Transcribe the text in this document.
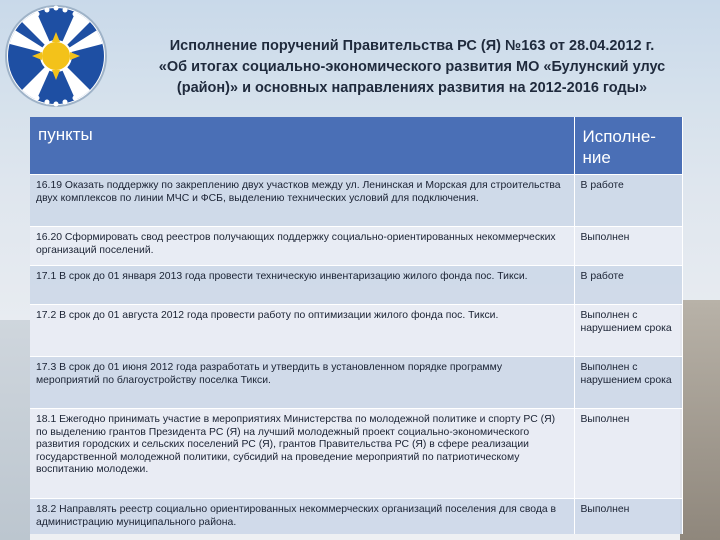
Исполнение поручений Правительства РС (Я) №163 от 28.04.2012 г.
«Об итогах социально-экономического развития МО «Булунский улус
(район)» и основных направлениях развития на 2012-2016 годы»
пункты	Исполне-
ние

16.19 Оказать поддержку по закреплению двух участков между ул. Ленинская и Морская для строительства двух комплексов по линии МЧС и ФСБ, выделению технических условий для подключения.	В работе
16.20 Сформировать свод реестров получающих поддержку социально-ориентированных некоммерческих организаций поселений.	Выполнен
17.1 В срок до 01 января 2013 года провести техническую инвентаризацию жилого фонда пос. Тикси.	В работе
17.2 В срок до 01 августа 2012 года провести работу по оптимизации жилого фонда пос. Тикси.	Выполнен с нарушением срока
17.3 В срок до 01 июня 2012 года разработать и утвердить в установленном порядке программу мероприятий по благоустройству поселка Тикси.	Выполнен с нарушением срока
18.1 Ежегодно принимать участие в мероприятиях Министерства по молодежной политике и спорту РС (Я) по выделению грантов Президента РС (Я) на лучший молодежный проект социально-экономического развития городских и сельских поселений РС (Я), грантов Правительства РС (Я) в сфере реализации государственной молодежной политики, субсидий на проведение мероприятий по патриотическому воспитанию молодежи.	Выполнен
18.2 Направлять реестр социально ориентированных некоммерческих организаций поселения для свода в администрацию муниципального района.	Выполнен
